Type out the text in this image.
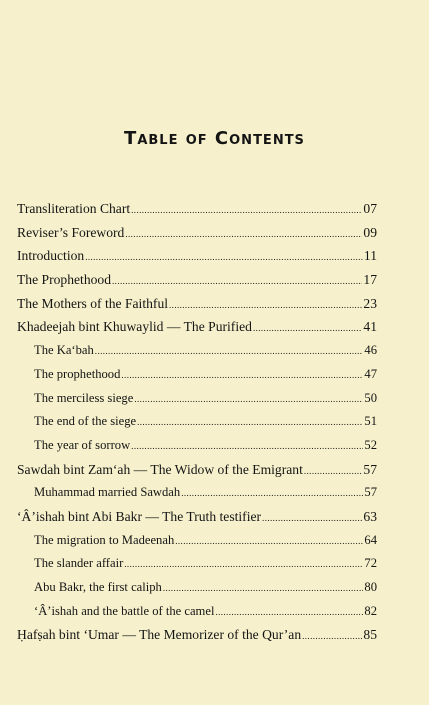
Table of Contents
Transliteration Chart .....	07
Reviser’s Foreword .....	09
Introduction .....	11
The Prophethood .....	17
The Mothers of the Faithful .....	23
Khadeejah bint Khuwaylid — The Purified .....	41
The Ka‘bah .....	46
The prophethood .....	47
The merciless siege .....	50
The end of the siege .....	51
The year of sorrow .....	52
Sawdah bint Zam‘ah — The Widow of the Emigrant .....	57
Muhammad married Sawdah .....	57
‘Â’ishah bint Abi Bakr — The Truth testifier .....	63
The migration to Madeenah .....	64
The slander affair .....	72
Abu Bakr, the first caliph .....	80
‘Â’ishah and the battle of the camel .....	82
Ḥafṣah bint ‘Umar — The Memorizer of the Qur’an .....	85
